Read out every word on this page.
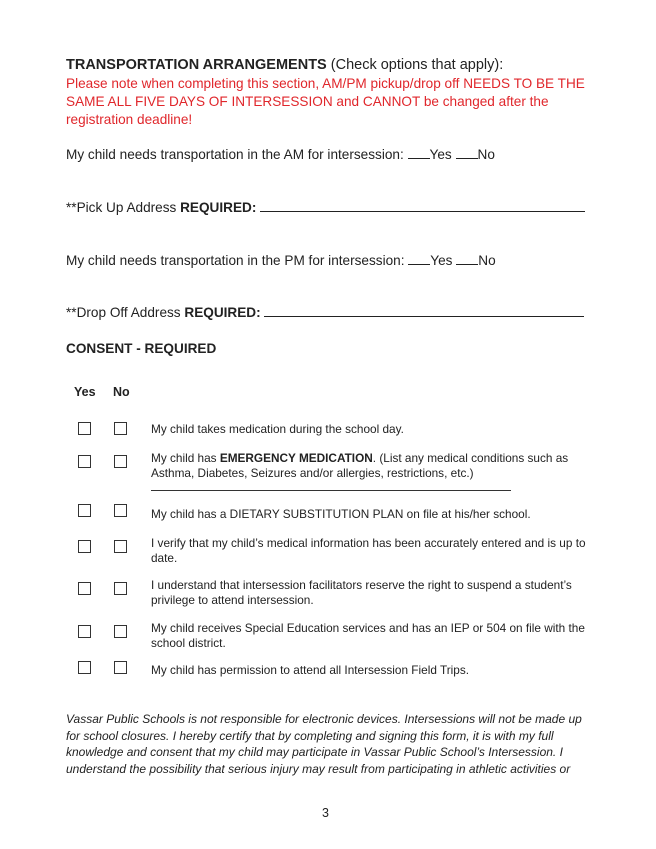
TRANSPORTATION ARRANGEMENTS (Check options that apply):
Please note when completing this section, AM/PM pickup/drop off NEEDS TO BE THE SAME ALL FIVE DAYS OF INTERSESSION and CANNOT be changed after the registration deadline!
My child needs transportation in the AM for intersession: Yes No
**Pick Up Address REQUIRED:
My child needs transportation in the PM for intersession: Yes No
**Drop Off Address REQUIRED:
CONSENT - REQUIRED
Yes No
My child takes medication during the school day.
My child has EMERGENCY MEDICATION. (List any medical conditions such as Asthma, Diabetes, Seizures and/or allergies, restrictions, etc.)
My child has a DIETARY SUBSTITUTION PLAN on file at his/her school.
I verify that my child’s medical information has been accurately entered and is up to date.
I understand that intersession facilitators reserve the right to suspend a student’s privilege to attend intersession.
My child receives Special Education services and has an IEP or 504 on file with the school district.
My child has permission to attend all Intersession Field Trips.
Vassar Public Schools is not responsible for electronic devices. Intersessions will not be made up for school closures. I hereby certify that by completing and signing this form, it is with my full knowledge and consent that my child may participate in Vassar Public School’s Intersession. I understand the possibility that serious injury may result from participating in athletic activities or
3
